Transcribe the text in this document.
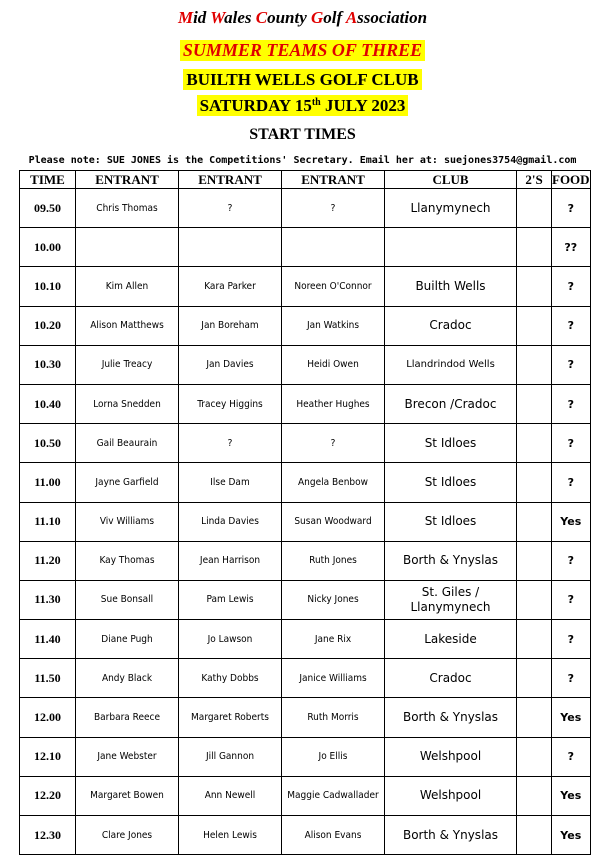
Mid Wales County Golf Association
SUMMER TEAMS OF THREE
BUILTH WELLS GOLF CLUB
SATURDAY 15th JULY 2023
START TIMES
Please note: SUE JONES is the Competitions' Secretary. Email her at: suejones3754@gmail.com
TIME	ENTRANT	ENTRANT	ENTRANT	CLUB	2'S	FOOD
09.50	Chris Thomas	?	?	Llanymynech		?
10.00						??
10.10	Kim Allen	Kara Parker	Noreen O'Connor	Builth Wells		?
10.20	Alison Matthews	Jan Boreham	Jan Watkins	Cradoc		?
10.30	Julie Treacy	Jan Davies	Heidi Owen	Llandrindod Wells		?
10.40	Lorna Snedden	Tracey Higgins	Heather Hughes	Brecon /Cradoc		?
10.50	Gail Beaurain	?	?	St Idloes		?
11.00	Jayne Garfield	Ilse Dam	Angela Benbow	St Idloes		?
11.10	Viv Williams	Linda Davies	Susan Woodward	St Idloes		Yes
11.20	Kay Thomas	Jean Harrison	Ruth Jones	Borth & Ynyslas		?
11.30	Sue Bonsall	Pam Lewis	Nicky Jones	St. Giles / Llanymynech		?
11.40	Diane Pugh	Jo Lawson	Jane Rix	Lakeside		?
11.50	Andy Black	Kathy Dobbs	Janice Williams	Cradoc		?
12.00	Barbara Reece	Margaret Roberts	Ruth Morris	Borth & Ynyslas		Yes
12.10	Jane Webster	Jill Gannon	Jo Ellis	Welshpool		?
12.20	Margaret Bowen	Ann Newell	Maggie Cadwallader	Welshpool		Yes
12.30	Clare Jones	Helen Lewis	Alison Evans	Borth & Ynyslas		Yes
